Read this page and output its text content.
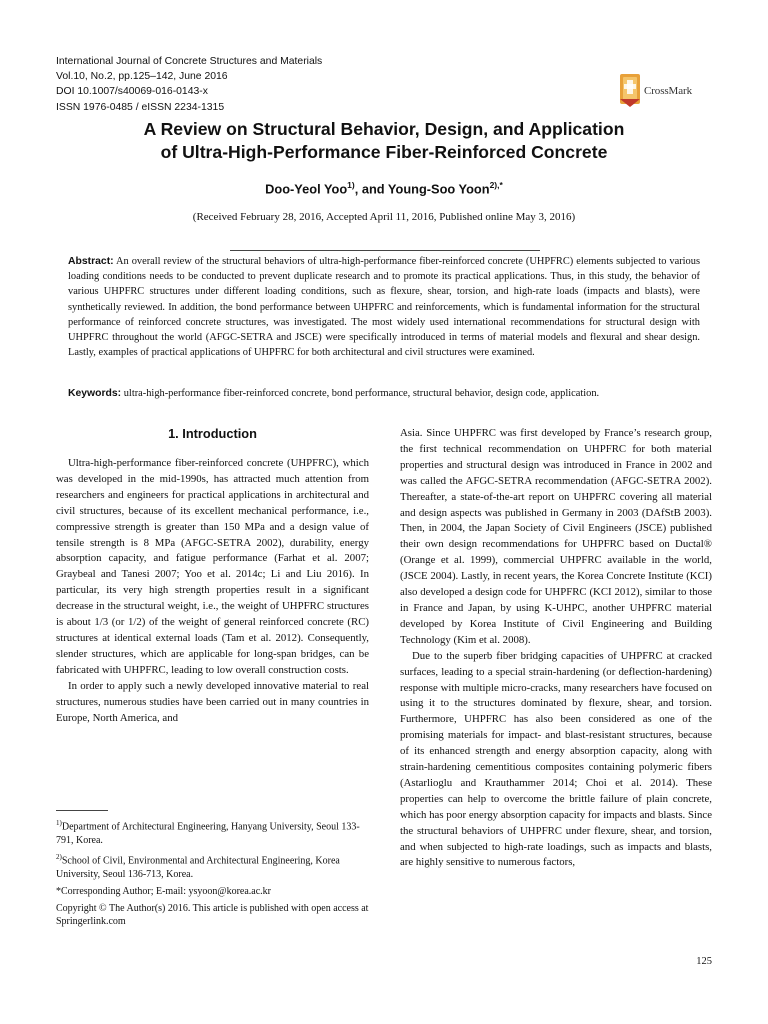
International Journal of Concrete Structures and Materials
Vol.10, No.2, pp.125–142, June 2016
DOI 10.1007/s40069-016-0143-x
ISSN 1976-0485 / eISSN 2234-1315
CrossMark
A Review on Structural Behavior, Design, and Application
of Ultra-High-Performance Fiber-Reinforced Concrete
Doo-Yeol Yoo$^{1)}$, and Young-Soo Yoon$^{2),*}$
(Received February 28, 2016, Accepted April 11, 2016, Published online May 3, 2016)
Abstract: An overall review of the structural behaviors of ultra-high-performance fiber-reinforced concrete (UHPFRC) elements subjected to various loading conditions needs to be conducted to prevent duplicate research and to promote its practical applications. Thus, in this study, the behavior of various UHPFRC structures under different loading conditions, such as flexure, shear, torsion, and high-rate loads (impacts and blasts), were synthetically reviewed. In addition, the bond performance between UHPFRC and reinforcements, which is fundamental information for the structural performance of reinforced concrete structures, was investigated. The most widely used international recommendations for structural design with UHPFRC throughout the world (AFGC-SETRA and JSCE) were specifically introduced in terms of material models and flexural and shear design. Lastly, examples of practical applications of UHPFRC for both architectural and civil structures were examined.
Keywords: ultra-high-performance fiber-reinforced concrete, bond performance, structural behavior, design code, application.
1. Introduction

Ultra-high-performance fiber-reinforced concrete (UHPFRC), which was developed in the mid-1990s, has attracted much attention from researchers and engineers for practical applications in architectural and civil structures, because of its excellent mechanical performance, i.e., compressive strength is greater than 150 MPa and a design value of tensile strength is 8 MPa (AFGC-SETRA 2002), durability, energy absorption capacity, and fatigue performance (Farhat et al. 2007; Graybeal and Tanesi 2007; Yoo et al. 2014c; Li and Liu 2016). In particular, its very high strength properties result in a significant decrease in the structural weight, i.e., the weight of UHPFRC structures is about 1/3 (or 1/2) of the weight of general reinforced concrete (RC) structures at identical external loads (Tam et al. 2012). Consequently, slender structures, which are applicable for long-span bridges, can be fabricated with UHPFRC, leading to low overall construction costs.

In order to apply such a newly developed innovative material to real structures, numerous studies have been carried out in many countries in Europe, North America, and

Asia. Since UHPFRC was first developed by France’s research group, the first technical recommendation on UHPFRC for both material properties and structural design was introduced in France in 2002 and was called the AFGC-SETRA recommendation (AFGC-SETRA 2002). Thereafter, a state-of-the-art report on UHPFRC covering all material and design aspects was published in Germany in 2003 (DAfStB 2003). Then, in 2004, the Japan Society of Civil Engineers (JSCE) published their own design recommendations for UHPFRC based on Ductal® (Orange et al. 1999), commercial UHPFRC available in the world, (JSCE 2004). Lastly, in recent years, the Korea Concrete Institute (KCI) also developed a design code for UHPFRC (KCI 2012), similar to those in France and Japan, by using K-UHPC, another UHPFRC material developed by Korea Institute of Civil Engineering and Building Technology (Kim et al. 2008).

Due to the superb fiber bridging capacities of UHPFRC at cracked surfaces, leading to a special strain-hardening (or deflection-hardening) response with multiple micro-cracks, many researchers have focused on using it to the structures dominated by flexure, shear, and torsion. Furthermore, UHPFRC has also been considered as one of the promising materials for impact- and blast-resistant structures, because of its enhanced strength and energy absorption capacity, along with strain-hardening cementitious composites containing polymeric fibers (Astarlioglu and Krauthammer 2014; Choi et al. 2014). These properties can help to overcome the brittle failure of plain concrete, which has poor energy absorption capacity for impacts and blasts. Since the structural behaviors of UHPFRC under flexure, shear, and torsion, and when subjected to high-rate loadings, such as impacts and blasts, are highly sensitive to numerous factors,

$^{1)}$Department of Architectural Engineering, Hanyang University, Seoul 133-791, Korea.
$^{2)}$School of Civil, Environmental and Architectural Engineering, Korea University, Seoul 136-713, Korea.
*Corresponding Author; E-mail: ysyoon@korea.ac.kr
Copyright © The Author(s) 2016. This article is published with open access at Springerlink.com
125
